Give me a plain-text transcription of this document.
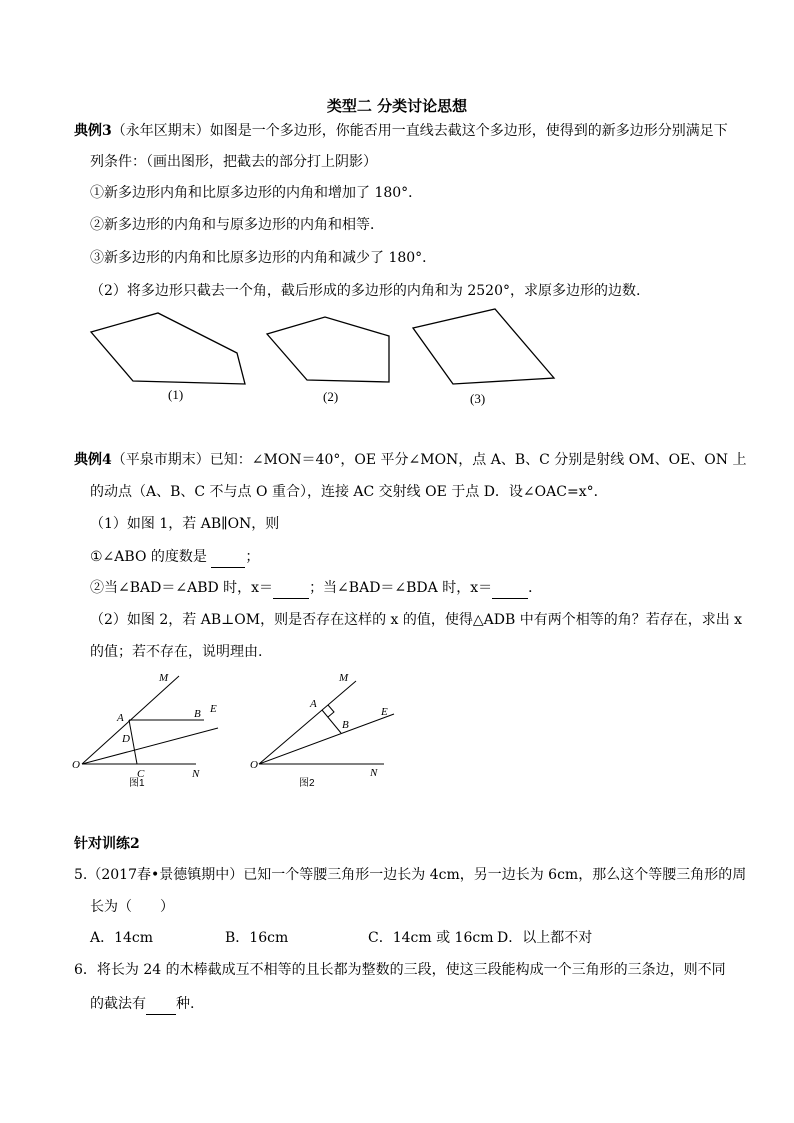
类型二 分类讨论思想
典例3（永年区期末）如图是一个多边形，你能否用一直线去截这个多边形，使得到的新多边形分别满足下
列条件：（画出图形，把截去的部分打上阴影）
①新多边形内角和比原多边形的内角和增加了 180°．
②新多边形的内角和与原多边形的内角和相等．
③新多边形的内角和比原多边形的内角和减少了 180°．
（2）将多边形只截去一个角，截后形成的多边形的内角和为 2520°，求原多边形的边数.
(1)	(2)	(3)
典例4（平泉市期末）已知：∠MON＝40°，OE 平分∠MON，点 A、B、C 分别是射线 OM、OE、ON 上
的动点（A、B、C 不与点 O 重合），连接 AC 交射线 OE 于点 D．设∠OAC=x°．
（1）如图 1，若 AB∥ON，则
①∠ABO 的度数是  ；
②当∠BAD＝∠ABD 时，x＝	；当∠BAD＝∠BDA 时，x＝	．
（2）如图 2，若 AB⊥OM，则是否存在这样的 x 的值，使得△ADB 中有两个相等的角？若存在，求出 x
的值；若不存在，说明理由.
M
E
A	B
D
O
C	N
图1
M
A
B
E
O
N
图2
针对训练2
5.（2017春•景德镇期中）已知一个等腰三角形一边长为 4cm，另一边长为 6cm，那么这个等腰三角形的周
长为（　　）
A．14cm	B．16cm	C．14cm 或 16cm D．以上都不对
6．将长为 24 的木棒截成互不相等的且长都为整数的三段，使这三段能构成一个三角形的三条边，则不同
的截法有 种.
